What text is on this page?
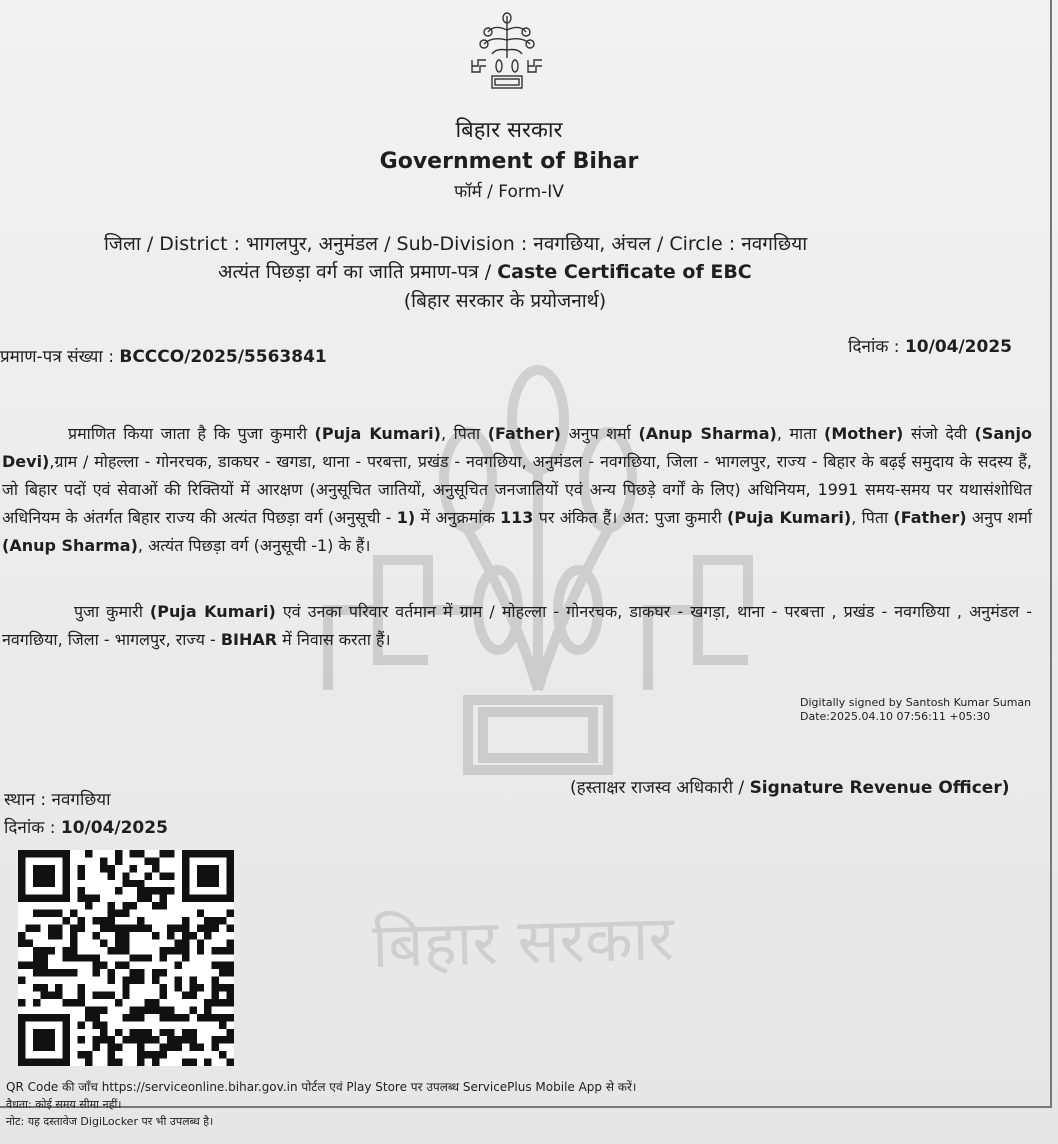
बिहार सरकार
बिहार सरकार
Government of Bihar
फॉर्म / Form-IV
जिला / District : भागलपुर, अनुमंडल / Sub-Division : नवगछिया, अंचल / Circle : नवगछिया
अत्यंत पिछड़ा वर्ग का जाति प्रमाण-पत्र / Caste Certificate of EBC
(बिहार सरकार के प्रयोजनार्थ)
प्रमाण-पत्र संख्या : BCCCO/2025/5563841	दिनांक : 10/04/2025

प्रमाणित किया जाता है कि पुजा कुमारी (Puja Kumari), पिता (Father) अनुप शर्मा (Anup Sharma), माता (Mother) संजो देवी (Sanjo Devi),ग्राम / मोहल्ला - गोनरचक, डाकघर - खगडा, थाना - परबत्ता, प्रखंड - नवगछिया, अनुमंडल - नवगछिया, जिला - भागलपुर, राज्य - बिहार के बढ़ई समुदाय के सदस्य हैं, जो बिहार पदों एवं सेवाओं की रिक्तियों में आरक्षण (अनुसूचित जातियों, अनुसूचित जनजातियों एवं अन्य पिछड़े वर्गों के लिए) अधिनियम, 1991 समय-समय पर यथासंशोधित अधिनियम के अंतर्गत बिहार राज्य की अत्यंत पिछड़ा वर्ग (अनुसूची - 1) में अनुक्रमांक 113 पर अंकित हैं। अत: पुजा कुमारी (Puja Kumari), पिता (Father) अनुप शर्मा (Anup Sharma), अत्यंत पिछड़ा वर्ग (अनुसूची -1) के हैं।

पुजा कुमारी (Puja Kumari) एवं उनका परिवार वर्तमान में ग्राम / मोहल्ला - गोनरचक, डाकघर - खगड़ा, थाना - परबत्ता , प्रखंड - नवगछिया , अनुमंडल - नवगछिया, जिला - भागलपुर, राज्य - BIHAR में निवास करता हैं।

Digitally signed by Santosh Kumar Suman
Date:2025.04.10 07:56:11 +05:30
स्थान : नवगछिया
दिनांक : 10/04/2025
(हस्ताक्षर राजस्व अधिकारी / Signature Revenue Officer)
QR Code की जाँच https://serviceonline.bihar.gov.in पोर्टल एवं Play Store पर उपलब्ध ServicePlus Mobile App से करें।
वैधता: कोई समय सीमा नहीं।
नोट: यह दस्तावेज DigiLocker पर भी उपलब्ध है।
